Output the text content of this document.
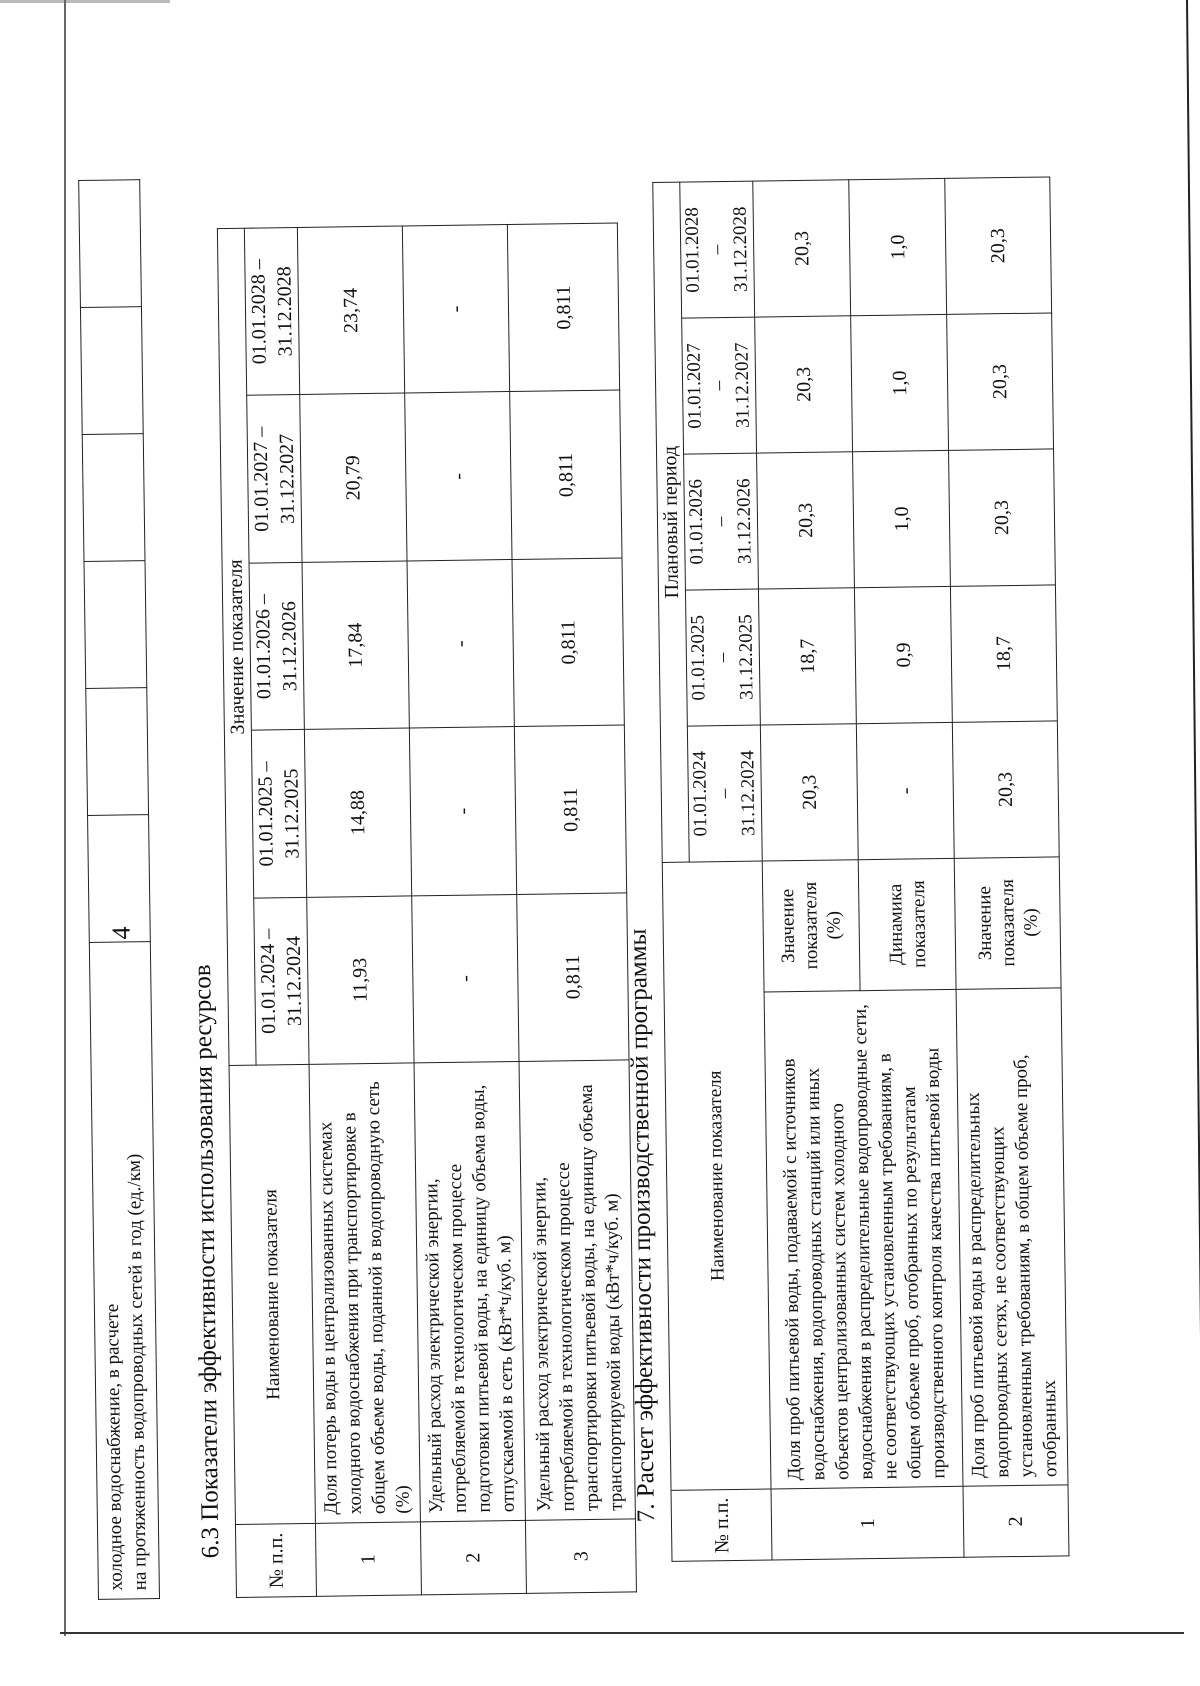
4
холодное водоснабжение, в расчете
на протяженность водопроводных сетей в год (ед./км)						6.3 Показатели эффективности использования ресурсов
№ п.п.	Наименование показателя	Значение показателя				
		01.01.2024 – 31.12.2024	01.01.2025 – 31.12.2025	01.01.2026 – 31.12.2026	01.01.2027 – 31.12.2027	01.01.2028 – 31.12.2028
1	Доля потерь воды в централизованных системах холодного водоснабжения при транспортировке в общем объеме воды, поданной в водопроводную сеть (%)	11,93	14,88	17,84	20,79	23,74
2	Удельный расход электрической энергии, потребляемой в технологическом процессе подготовки питьевой воды, на единицу объема воды, отпускаемой в сеть (кВт*ч/куб. м)	-	-	-	-	-
3	Удельный расход электрической энергии, потребляемой в технологическом процессе транспортировки питьевой воды, на единицу объема транспортируемой воды (кВт*ч/куб. м)	0,811	0,811	0,811	0,811	0,811
7. Расчет эффективности производственной программы
№ п.п.	Наименование показателя		Плановый период				
			01.01.2024 – 31.12.2024	01.01.2025 – 31.12.2025	01.01.2026 – 31.12.2026	01.01.2027 – 31.12.2027	01.01.2028 – 31.12.2028
1	Доля проб питьевой воды, подаваемой с источников водоснабжения, водопроводных станций или иных объектов централизованных систем холодного водоснабжения в распределительные водопроводные сети, не соответствующих установленным требованиям, в общем объеме проб, отобранных по результатам производственного контроля качества питьевой воды	Значение показателя (%)	20,3	18,7	20,3	20,3	20,3
		Динамика показателя	-	0,9	1,0	1,0	1,0
2	Доля проб питьевой воды в распределительных водопроводных сетях, не соответствующих установленным требованиям, в общем объеме проб, отобранных	Значение показателя (%)	20,3	18,7	20,3	20,3	20,3
